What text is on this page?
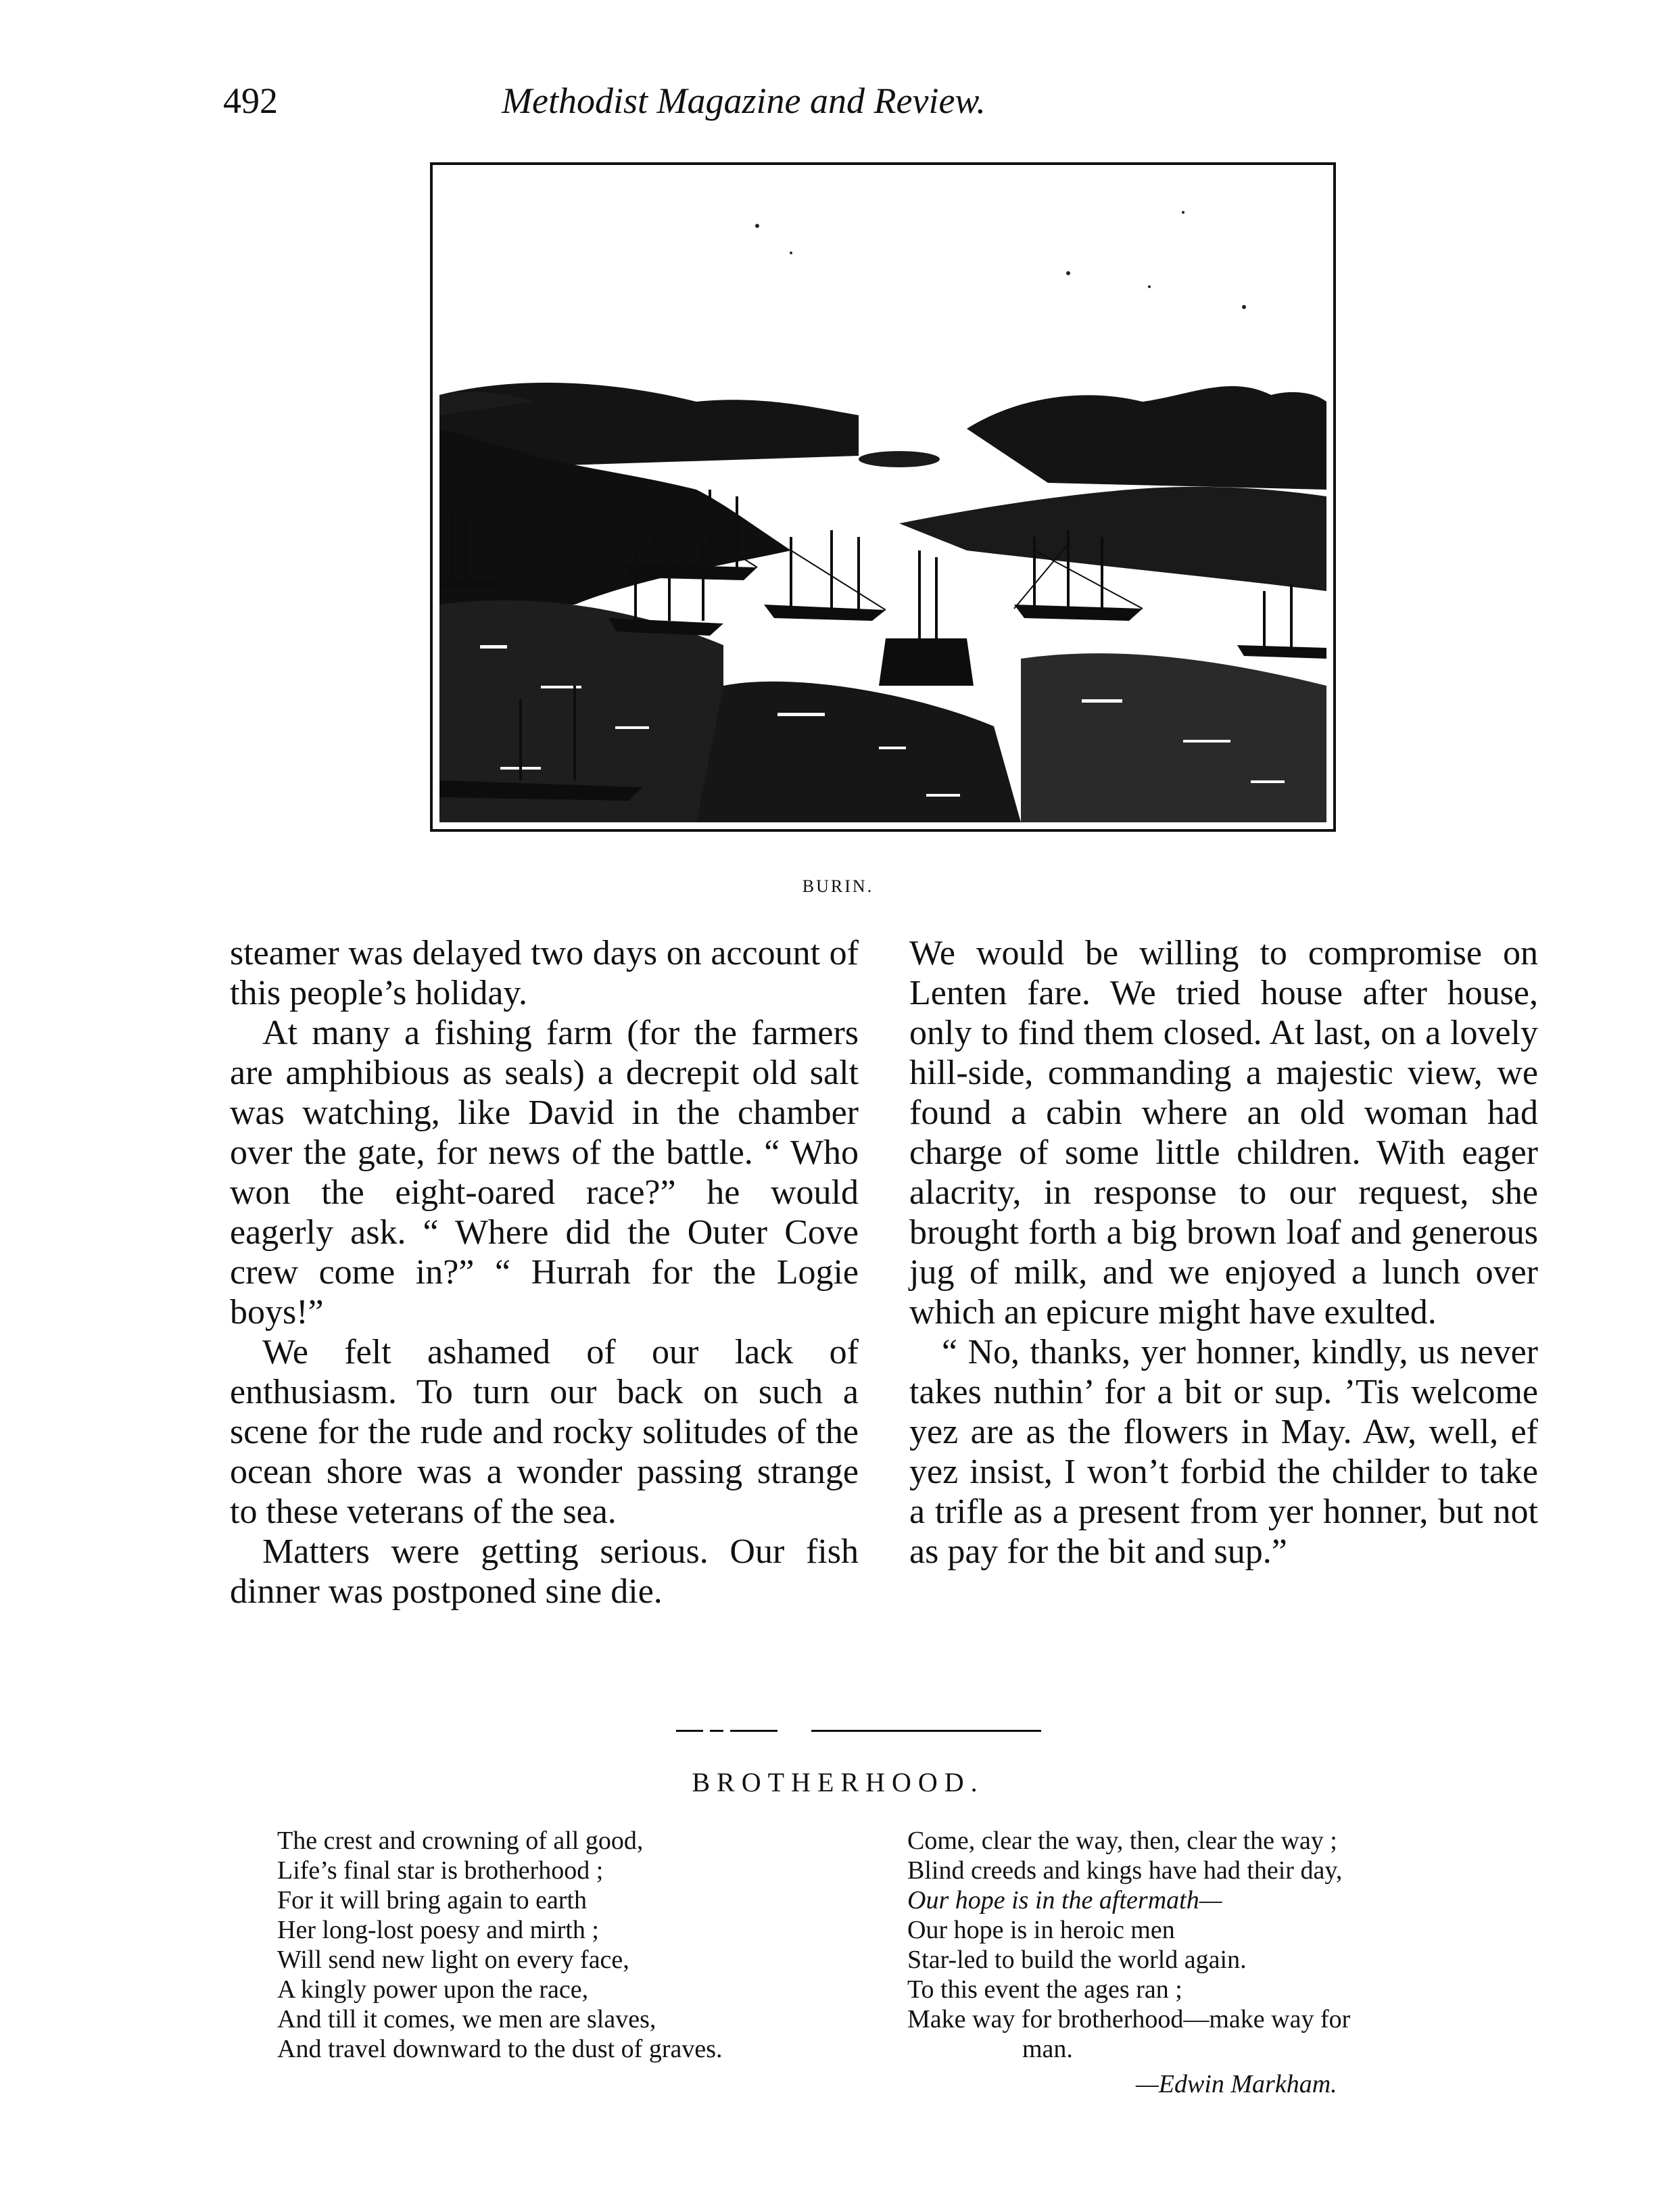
492	Methodist Magazine and Review.
BURIN.

steamer was delayed two days on account of this people’s holiday.

At many a fishing farm (for the farmers are amphibious as seals) a decrepit old salt was watching, like David in the chamber over the gate, for news of the battle. “ Who won the eight-oared race?” he would eagerly ask. “ Where did the Outer Cove crew come in?” “ Hurrah for the Logie boys!”

We felt ashamed of our lack of enthusiasm. To turn our back on such a scene for the rude and rocky solitudes of the ocean shore was a wonder passing strange to these veterans of the sea.

Matters were getting serious. Our fish dinner was postponed sine die.

We would be willing to compromise on Lenten fare. We tried house after house, only to find them closed. At last, on a lovely hill-side, commanding a majestic view, we found a cabin where an old woman had charge of some little children. With eager alacrity, in response to our request, she brought forth a big brown loaf and generous jug of milk, and we enjoyed a lunch over which an epicure might have exulted.

“ No, thanks, yer honner, kindly, us never takes nuthin’ for a bit or sup. ’Tis welcome yez are as the flowers in May. Aw, well, ef yez insist, I won’t forbid the childer to take a trifle as a present from yer honner, but not as pay for the bit and sup.”

BROTHERHOOD.
The crest and crowning of all good,
Life’s final star is brotherhood ;
For it will bring again to earth
Her long-lost poesy and mirth ;
Will send new light on every face,
A kingly power upon the race,
And till it comes, we men are slaves,
And travel downward to the dust of graves.
Come, clear the way, then, clear the way ;
Blind creeds and kings have had their day,
Our hope is in the aftermath—
Our hope is in heroic men
Star-led to build the world again.
To this event the ages ran ;
Make way for brotherhood—make way for
man.
—Edwin Markham.
